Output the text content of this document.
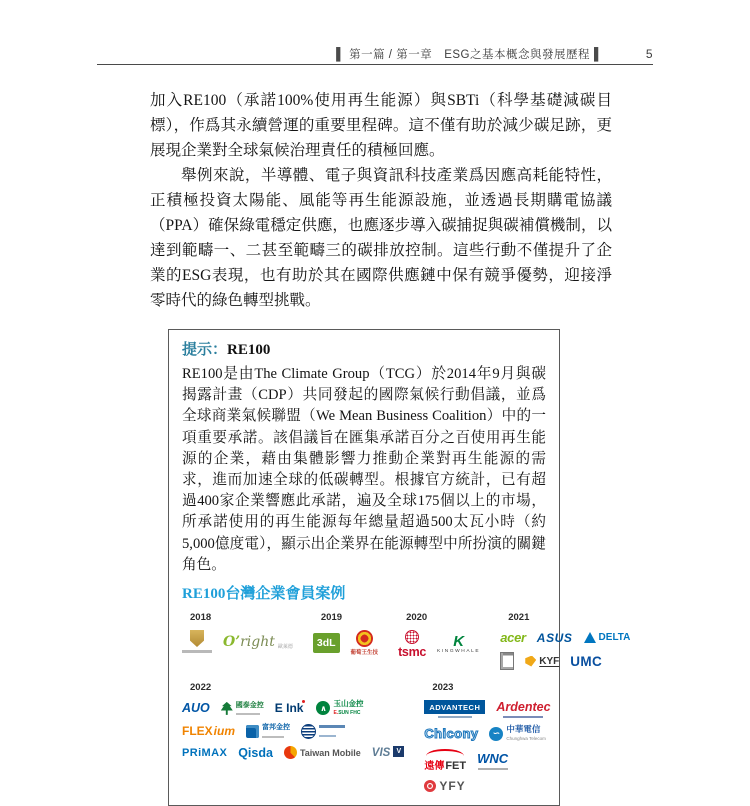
▌ 第一篇 / 第一章　ESG之基本概念與發展歷程 ▌	5

加入RE100（承諾100%使用再生能源）與SBTi（科學基礎減碳目標），作爲其永續營運的重要里程碑。這不僅有助於減少碳足跡，更展現企業對全球氣候治理責任的積極回應。

舉例來說，半導體、電子與資訊科技產業爲因應高耗能特性，正積極投資太陽能、風能等再生能源設施，並透過長期購電協議（PPA）確保綠電穩定供應，也應逐步導入碳捕捉與碳補償機制，以達到範疇一、二甚至範疇三的碳排放控制。這些行動不僅提升了企業的ESG表現，也有助於其在國際供應鏈中保有競爭優勢，迎接淨零時代的綠色轉型挑戰。

提示：RE100

RE100是由The Climate Group（TCG）於2014年9月與碳揭露計畫（CDP）共同發起的國際氣候行動倡議，並爲全球商業氣候聯盟（We Mean Business Coalition）中的一項重要承諾。該倡議旨在匯集承諾百分之百使用再生能源的企業，藉由集體影響力推動企業對再生能源的需求，進而加速全球的低碳轉型。根據官方統計，已有超過400家企業響應此承諾，遍及全球175個以上的市場，所承諾使用的再生能源每年總量超過500太瓦小時（約5,000億度電），顯示出企業界在能源轉型中所扮演的關鍵角色。

RE100台灣企業會員案例
2018
O’right 歐萊德
2019
3dL
葡萄王生技
2020
tsmc
K
KINGWHALE
2021
acer ASUS	DELTA
KYF UMC
2022
AUO	國泰金控 E Ink	∧ 玉山金控
E.SUN FHC
FLEX ium	富邦金控
PRiMAX Qisda	Taiwan Mobile VIS
V
2023
ADVANTECH	Ardentec
Chicony	∽ 中華電信
Chunghwa Telecom
遠傳 FET WNC
YFY
